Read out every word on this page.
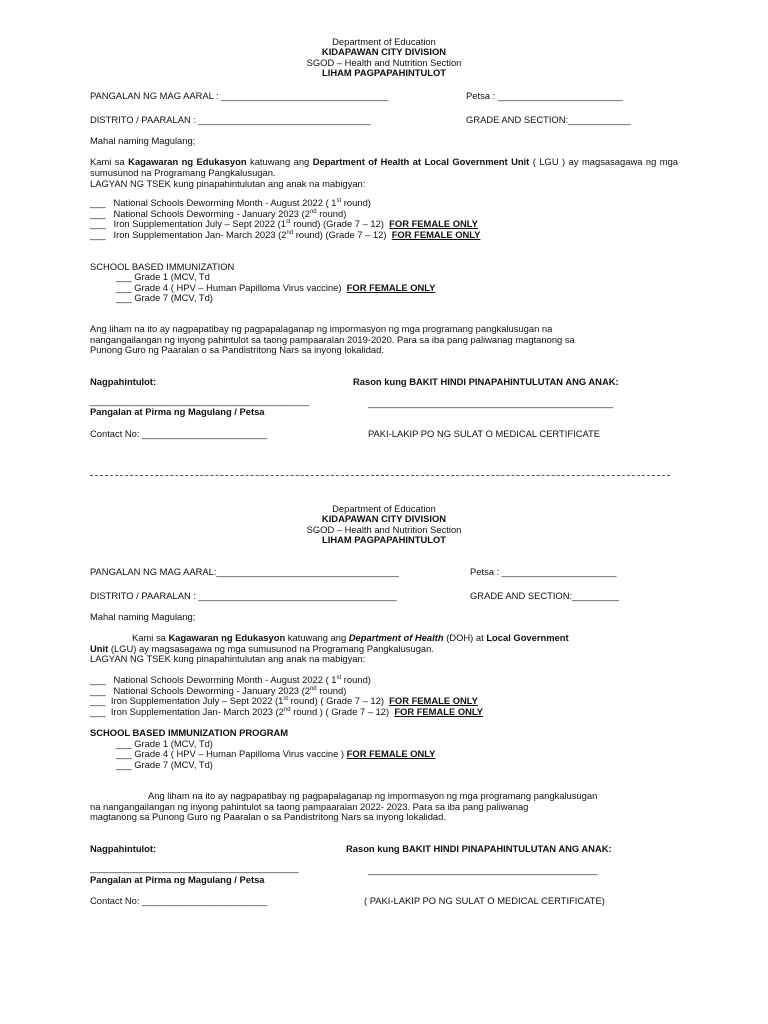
Department of Education
KIDAPAWAN CITY DIVISION
SGOD – Health and Nutrition Section
LIHAM PAGPAPAHINTULOT
PANGALAN NG MAG AARAL : ________________________________	Petsa : ________________________
DISTRITO / PAARALAN : _________________________________	GRADE AND SECTION:____________
Mahal naming Magulang;
Kami sa Kagawaran ng Edukasyon katuwang ang Department of Health at Local Government Unit ( LGU ) ay magsasagawa ng mga sumusunod na Programang Pangkalusugan.
LAGYAN NG TSEK kung pinapahintulutan ang anak na mabigyan:
___ National Schools Deworming Month - August 2022 ( 1st round)
___ National Schools Deworming - January 2023 (2nd round)
___ Iron Supplementation July – Sept 2022 (1st round) (Grade 7 – 12) FOR FEMALE ONLY
___ Iron Supplementation Jan- March 2023 (2nd round) (Grade 7 – 12) FOR FEMALE ONLY
SCHOOL BASED IMMUNIZATION
___ Grade 1 (MCV, Td
___ Grade 4 ( HPV – Human Papilloma Virus vaccine) FOR FEMALE ONLY
___ Grade 7 (MCV, Td)
Ang liham na ito ay nagpapatibay ng pagpapalaganap ng impormasyon ng mga programang pangkalusugan na
nangangailangan ng inyong pahintulot sa taong pampaaralan 2019-2020. Para sa iba pang paliwanag magtanong sa
Punong Guro ng Paaralan o sa Pandistritong Nars sa inyong lokalidad.
Nagpahintulot:	Rason kung BAKIT HINDI PINAPAHINTULUTAN ANG ANAK:
__________________________________________	_______________________________________________
Pangalan at Pirma ng Magulang / Petsa
Contact No: ________________________	PAKI-LAKIP PO NG SULAT O MEDICAL CERTIFICATE
Department of Education
KIDAPAWAN CITY DIVISION
SGOD – Health and Nutrition Section
LIHAM PAGPAPAHINTULOT
PANGALAN NG MAG AARAL:___________________________________	Petsa : ______________________
DISTRITO / PAARALAN : ______________________________________	GRADE AND SECTION:_________
Mahal naming Magulang;
Kami sa Kagawaran ng Edukasyon katuwang ang Department of Health (DOH) at Local Government
Unit (LGU) ay magsasagawa ng mga sumusunod na Programang Pangkalusugan.
LAGYAN NG TSEK kung pinapahintulutan ang anak na mabigyan:
___ National Schools Deworming Month - August 2022 ( 1st round)
___ National Schools Deworming - January 2023 (2nd round)
___ Iron Supplementation July – Sept 2022 (1st round) ( Grade 7 – 12) FOR FEMALE ONLY
___ Iron Supplementation Jan- March 2023 (2nd round ) ( Grade 7 – 12) FOR FEMALE ONLY
SCHOOL BASED IMMUNIZATION PROGRAM
___ Grade 1 (MCV, Td)
___ Grade 4 ( HPV – Human Papilloma Virus vaccine ) FOR FEMALE ONLY
___ Grade 7 (MCV, Td)
Ang liham na ito ay nagpapatibay ng pagpapalaganap ng impormasyon ng mga programang pangkalusugan
na nangangailangan ng inyong pahintulot sa taong pampaaralan 2022- 2023. Para sa iba pang paliwanag
magtanong sa Punong Guro ng Paaralan o sa Pandistritong Nars sa inyong lokalidad.
Nagpahintulot:	Rason kung BAKIT HINDI PINAPAHINTULUTAN ANG ANAK:
________________________________________	____________________________________________
Pangalan at Pirma ng Magulang / Petsa
Contact No: ________________________	( PAKI-LAKIP PO NG SULAT O MEDICAL CERTIFICATE)
